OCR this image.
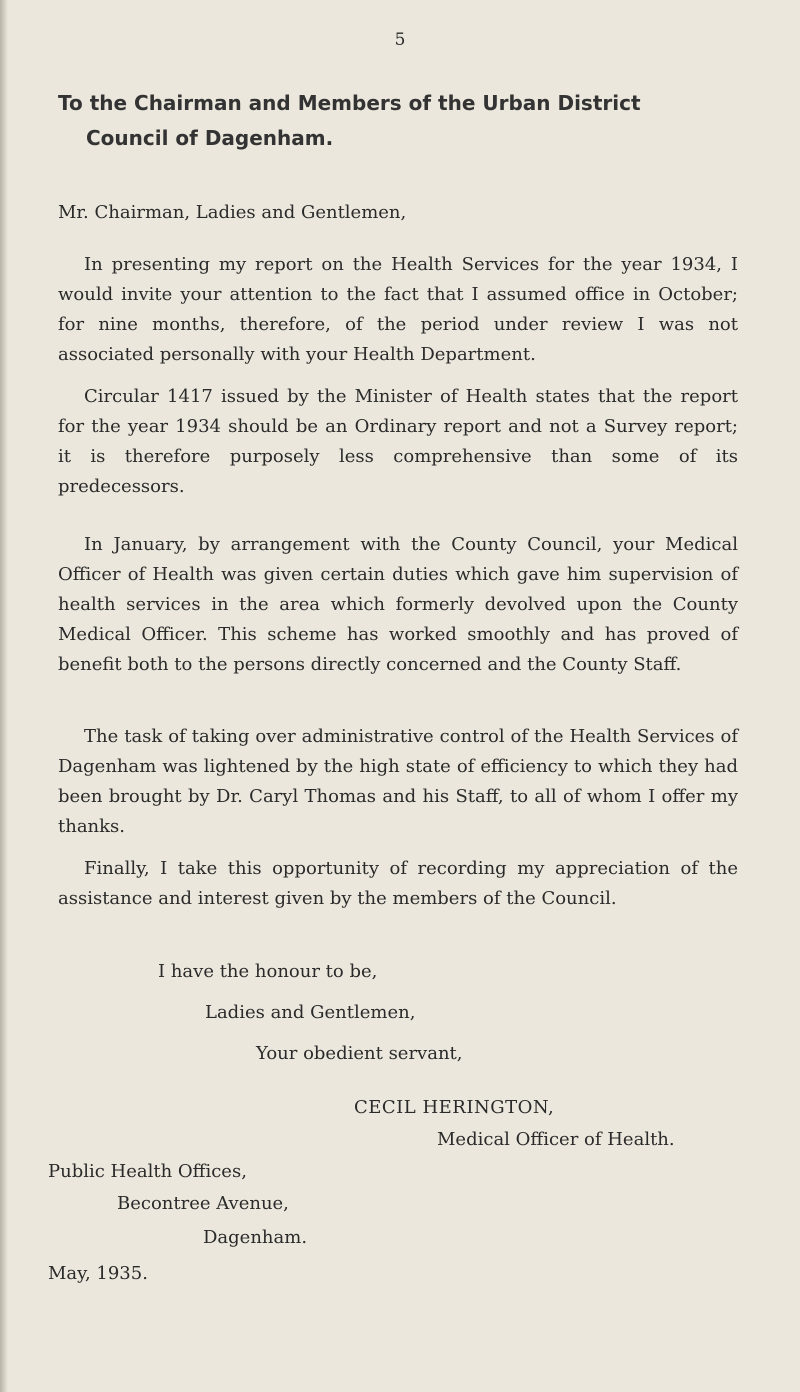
5
To the Chairman and Members of the Urban District
Council of Dagenham.
Mr. Chairman, Ladies and Gentlemen,
In presenting my report on the Health Services for the year 1934, I would invite your attention to the fact that I assumed office in October; for nine months, therefore, of the period under review I was not associated personally with your Health Department.
Circular 1417 issued by the Minister of Health states that the report for the year 1934 should be an Ordinary report and not a Survey report; it is therefore purposely less comprehensive than some of its predecessors.
In January, by arrangement with the County Council, your Medical Officer of Health was given certain duties which gave him supervision of health services in the area which formerly devolved upon the County Medical Officer. This scheme has worked smoothly and has proved of benefit both to the persons directly concerned and the County Staff.
The task of taking over administrative control of the Health Services of Dagenham was lightened by the high state of efficiency to which they had been brought by Dr. Caryl Thomas and his Staff, to all of whom I offer my thanks.
Finally, I take this opportunity of recording my appreciation of the assistance and interest given by the members of the Council.
I have the honour to be,
Ladies and Gentlemen,
Your obedient servant,
CECIL HERINGTON,
Medical Officer of Health.
Public Health Offices,
Becontree Avenue,
Dagenham.
May, 1935.
